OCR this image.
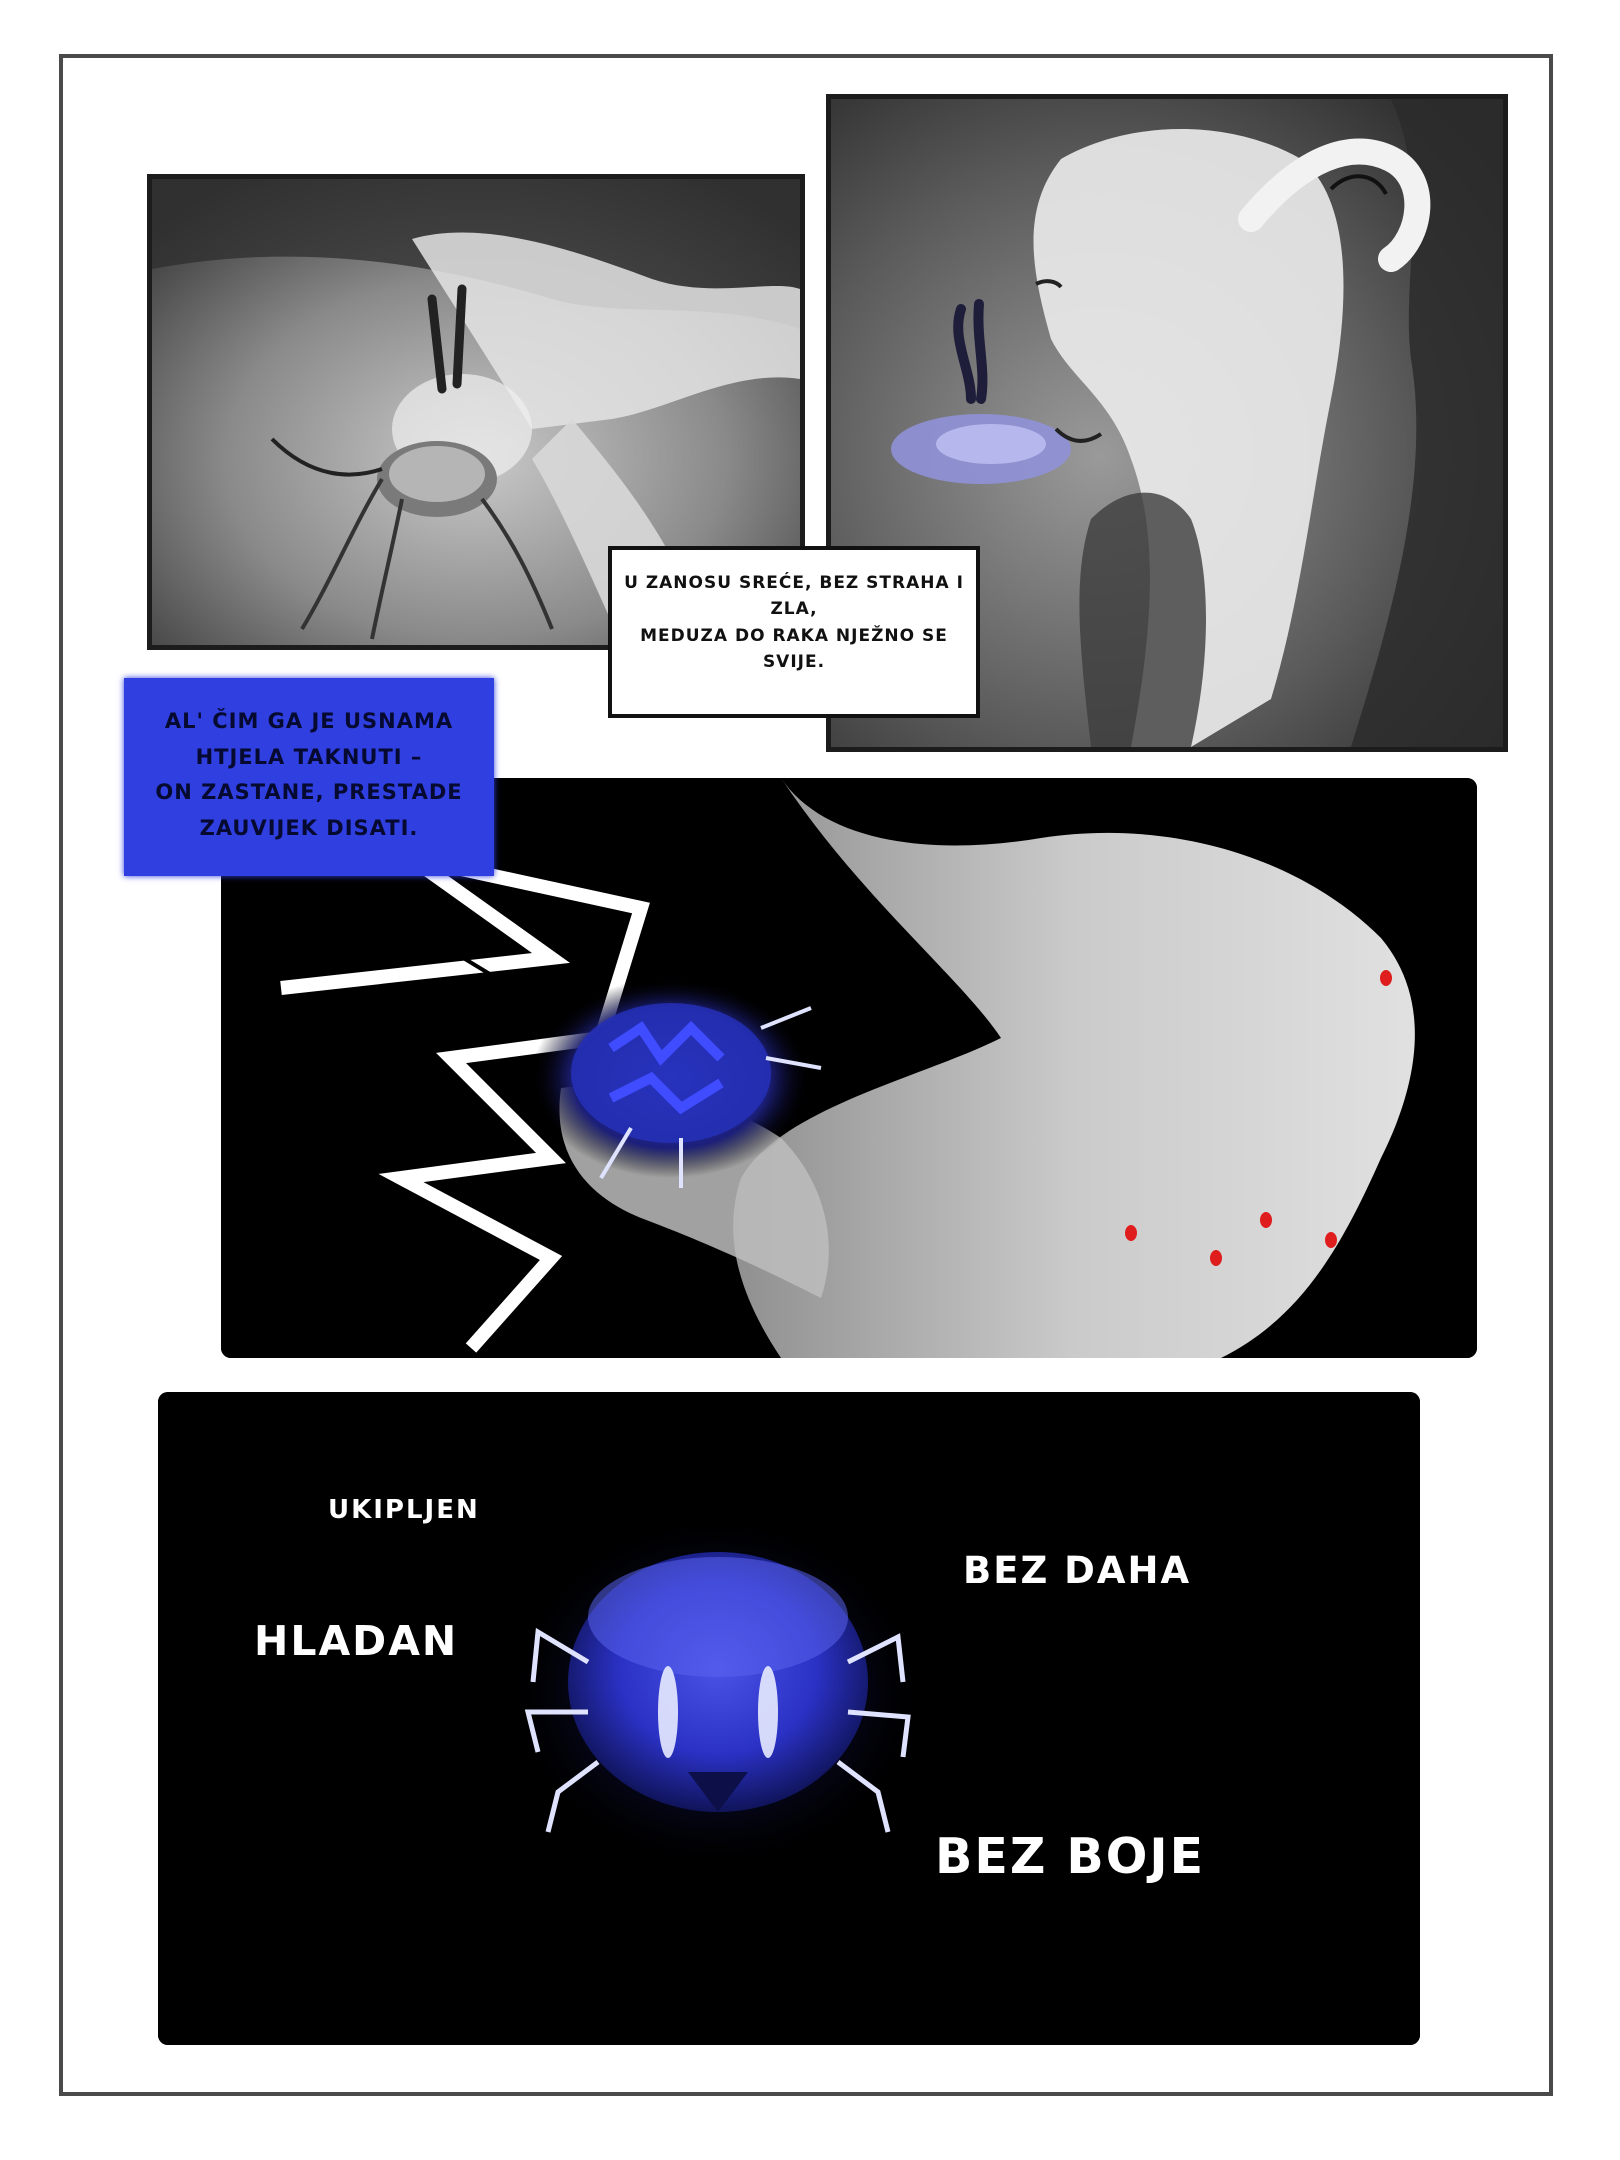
UKIPLJEN
HLADAN
BEZ DAHA
BEZ BOJE
U ZANOSU SREĆE, BEZ STRAHA I
ZLA,
MEDUZA DO RAKA NJEŽNO SE
SVIJE.
AL' ČIM GA JE USNAMA
HTJELA TAKNUTI –
ON ZASTANE, PRESTADE
ZAUVIJEK DISATI.
